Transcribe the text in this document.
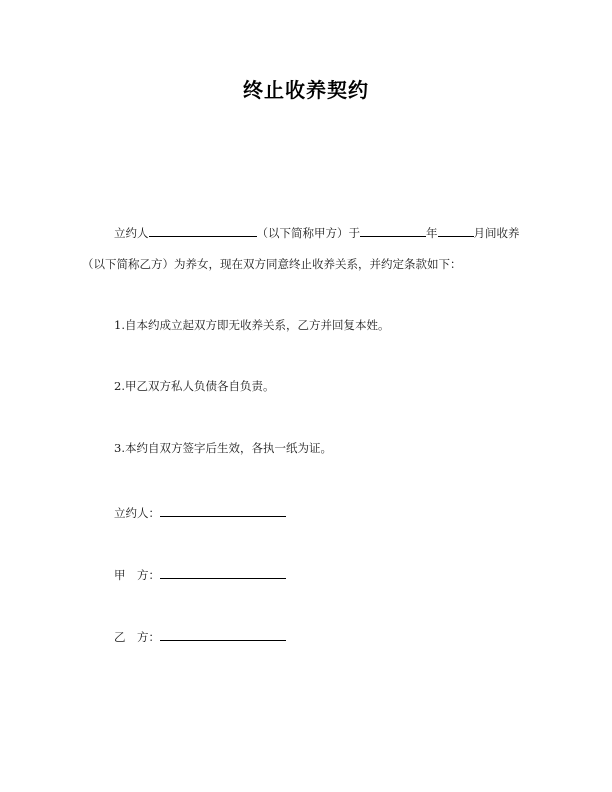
终止收养契约
立约人	（以下简称甲方）于	年	月间收养
（以下简称乙方）为养女，现在双方同意终止收养关系，并约定条款如下：
1.自本约成立起双方即无收养关系，乙方并回复本姓。
2.甲乙双方私人负债各自负责。
3.本约自双方签字后生效，各执一纸为证。
立约人：
甲　方：
乙　方：
